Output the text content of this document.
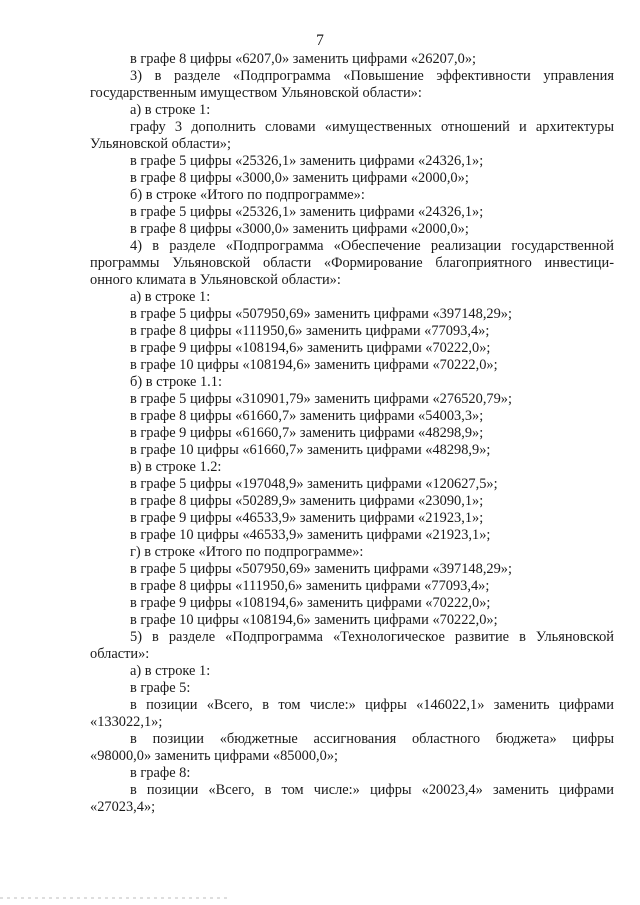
7

в графе 8 цифры «6207,0» заменить цифрами «26207,0»;

3) в разделе «Подпрограмма «Повышение эффективности управления

государственным имуществом Ульяновской области»:

а) в строке 1:

графу 3 дополнить словами «имущественных отношений и архитектуры

Ульяновской области»;

в графе 5 цифры «25326,1» заменить цифрами «24326,1»;

в графе 8 цифры «3000,0» заменить цифрами «2000,0»;

б) в строке «Итого по подпрограмме»:

в графе 5 цифры «25326,1» заменить цифрами «24326,1»;

в графе 8 цифры «3000,0» заменить цифрами «2000,0»;

4) в разделе «Подпрограмма «Обеспечение реализации государственной

программы Ульяновской области «Формирование благоприятного инвестици-

онного климата в Ульяновской области»:

а) в строке 1:

в графе 5 цифры «507950,69» заменить цифрами «397148,29»;

в графе 8 цифры «111950,6» заменить цифрами «77093,4»;

в графе 9 цифры «108194,6» заменить цифрами «70222,0»;

в графе 10 цифры «108194,6» заменить цифрами «70222,0»;

б) в строке 1.1:

в графе 5 цифры «310901,79» заменить цифрами «276520,79»;

в графе 8 цифры «61660,7» заменить цифрами «54003,3»;

в графе 9 цифры «61660,7» заменить цифрами «48298,9»;

в графе 10 цифры «61660,7» заменить цифрами «48298,9»;

в) в строке 1.2:

в графе 5 цифры «197048,9» заменить цифрами «120627,5»;

в графе 8 цифры «50289,9» заменить цифрами «23090,1»;

в графе 9 цифры «46533,9» заменить цифрами «21923,1»;

в графе 10 цифры «46533,9» заменить цифрами «21923,1»;

г) в строке «Итого по подпрограмме»:

в графе 5 цифры «507950,69» заменить цифрами «397148,29»;

в графе 8 цифры «111950,6» заменить цифрами «77093,4»;

в графе 9 цифры «108194,6» заменить цифрами «70222,0»;

в графе 10 цифры «108194,6» заменить цифрами «70222,0»;

5) в разделе «Подпрограмма «Технологическое развитие в Ульяновской

области»:

а) в строке 1:

в графе 5:

в позиции «Всего, в том числе:» цифры «146022,1» заменить цифрами

«133022,1»;

в позиции «бюджетные ассигнования областного бюджета» цифры

«98000,0» заменить цифрами «85000,0»;

в графе 8:

в позиции «Всего, в том числе:» цифры «20023,4» заменить цифрами

«27023,4»;
